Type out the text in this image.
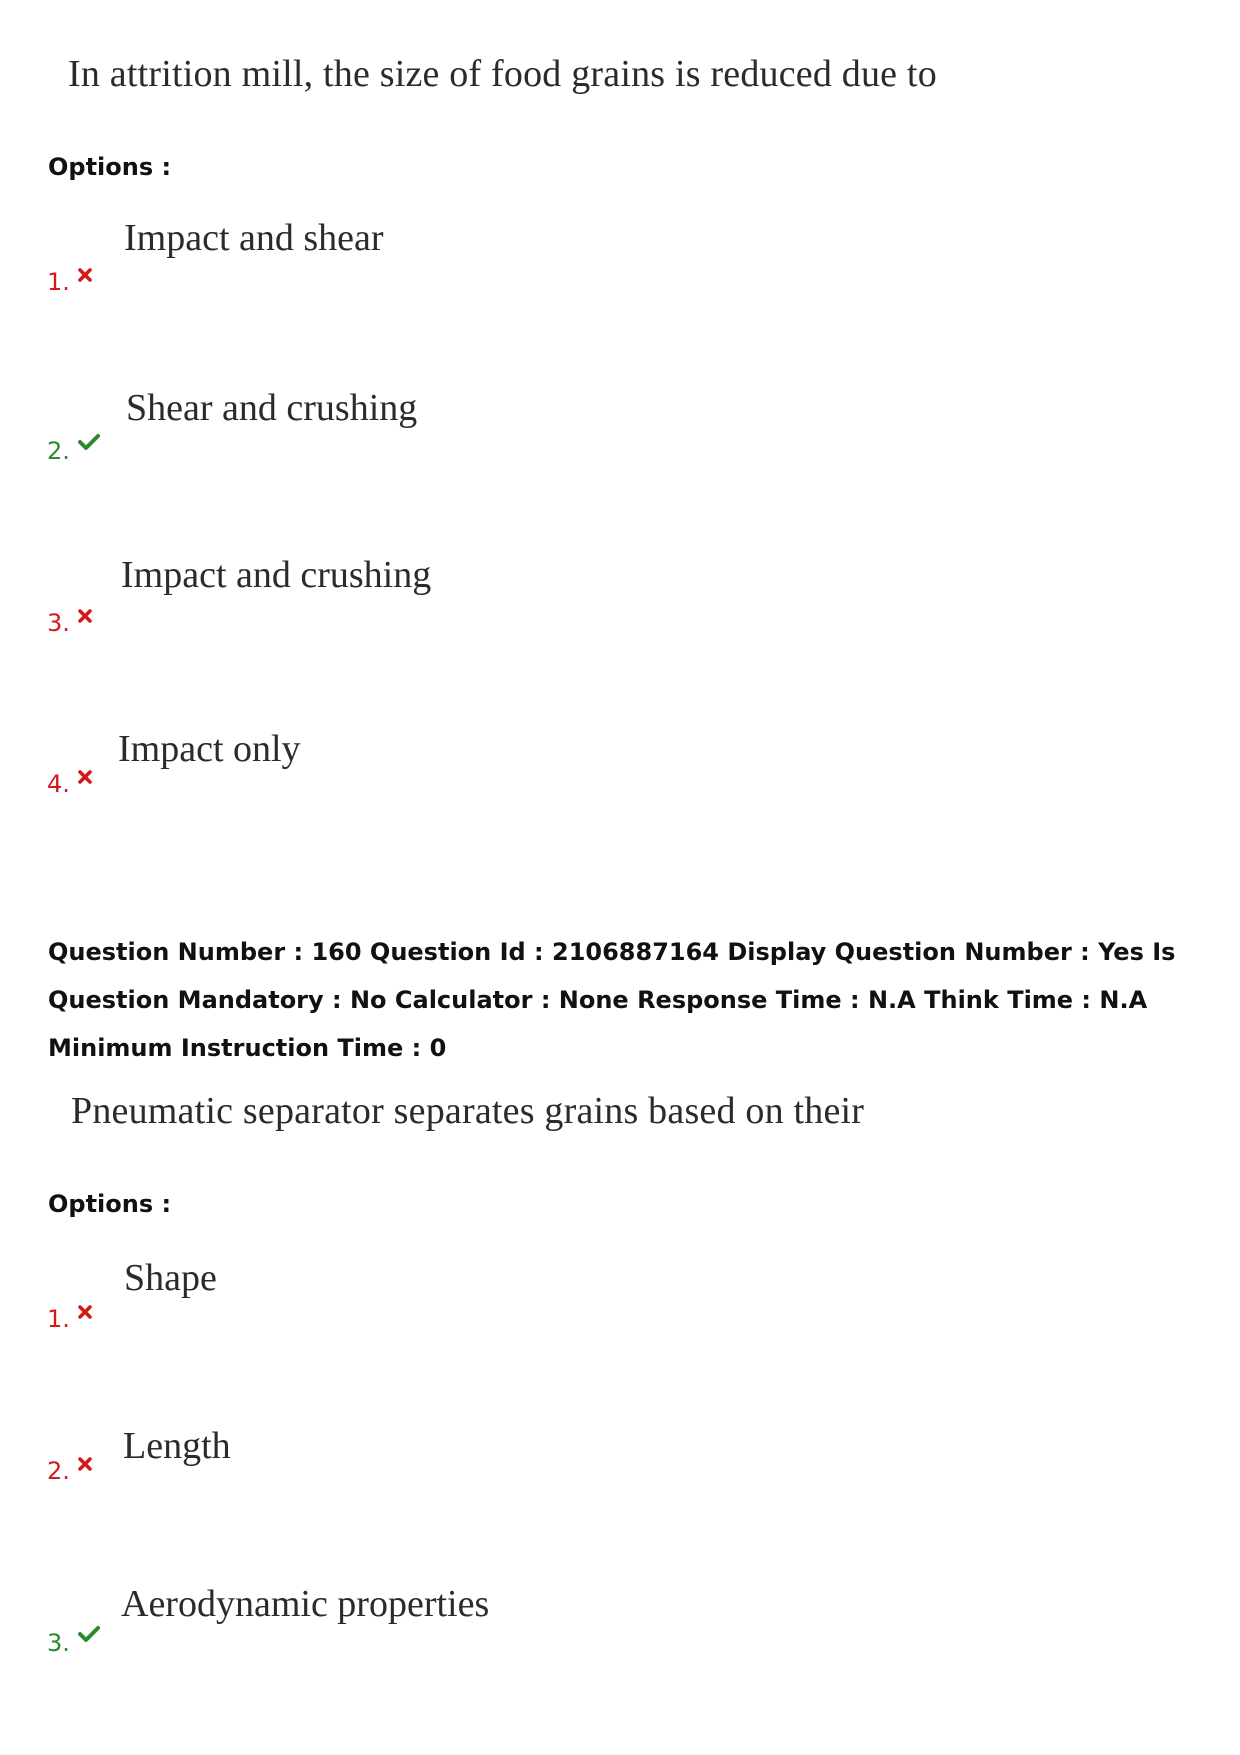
In attrition mill, the size of food grains is reduced due to
Options :
1.
Impact and shear
2.
Shear and crushing
3.
Impact and crushing
4.
Impact only
Question Number : 160 Question Id : 2106887164 Display Question Number : Yes Is Question Mandatory : No Calculator : None Response Time : N.A Think Time : N.A Minimum Instruction Time : 0
Pneumatic separator separates grains based on their
Options :
1.
Shape
2.
Length
3.
Aerodynamic properties
